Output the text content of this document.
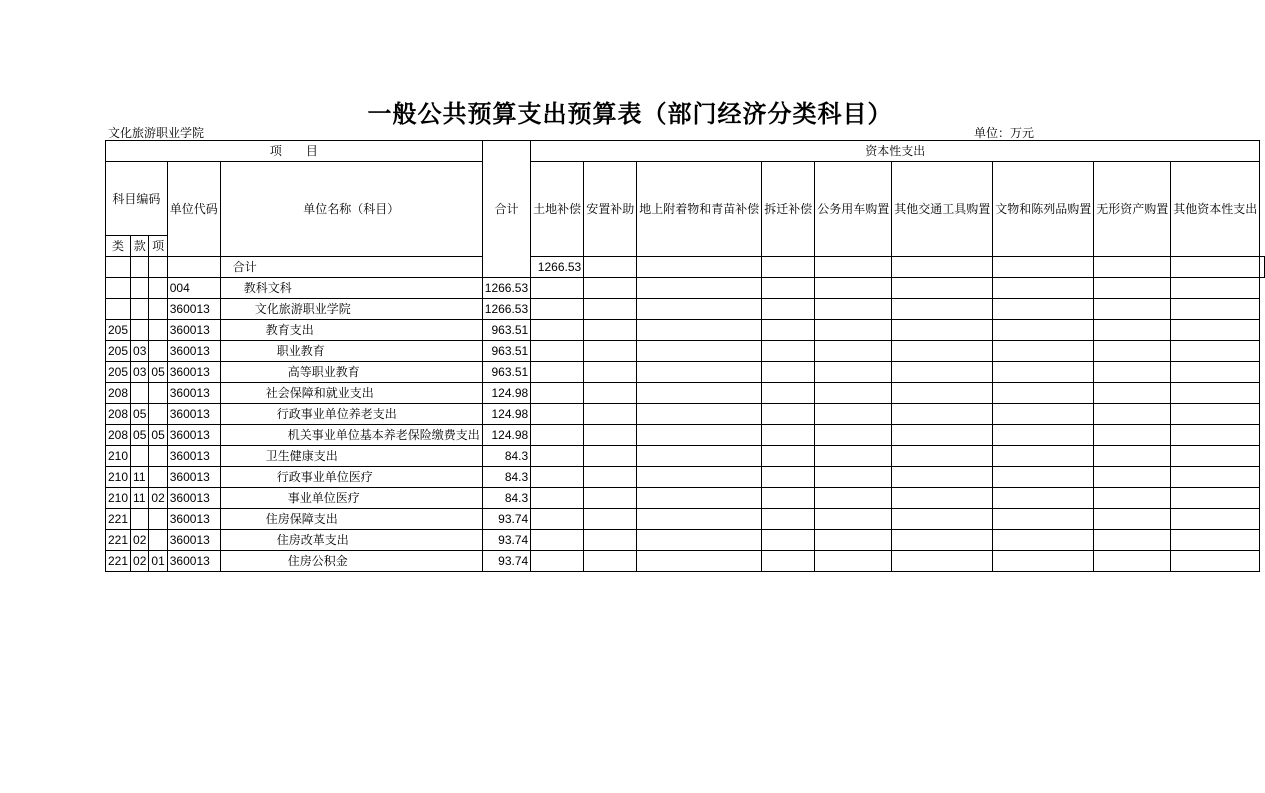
一般公共预算支出预算表（部门经济分类科目）
文化旅游职业学院	单位：万元
项　　目					合计	资本性支出									
科目编码			单位代码	单位名称（科目）		土地补偿	安置补助	地上附着物和青苗补偿	拆迁补偿	公务用车购置	其他交通工具购置	文物和陈列品购置	无形资产购置	其他资本性支出	
类	款	项													
				合计		1266.53									
			004	教科文科	1266.53										
			360013	文化旅游职业学院	1266.53										
205			360013	教育支出	963.51										
205	03		360013	职业教育	963.51										
205	03	05	360013	高等职业教育	963.51										
208			360013	社会保障和就业支出	124.98										
208	05		360013	行政事业单位养老支出	124.98										
208	05	05	360013	机关事业单位基本养老保险缴费支出	124.98										
210			360013	卫生健康支出	84.3										
210	11		360013	行政事业单位医疗	84.3										
210	11	02	360013	事业单位医疗	84.3										
221			360013	住房保障支出	93.74										
221	02		360013	住房改革支出	93.74										
221	02	01	360013	住房公积金	93.74										
